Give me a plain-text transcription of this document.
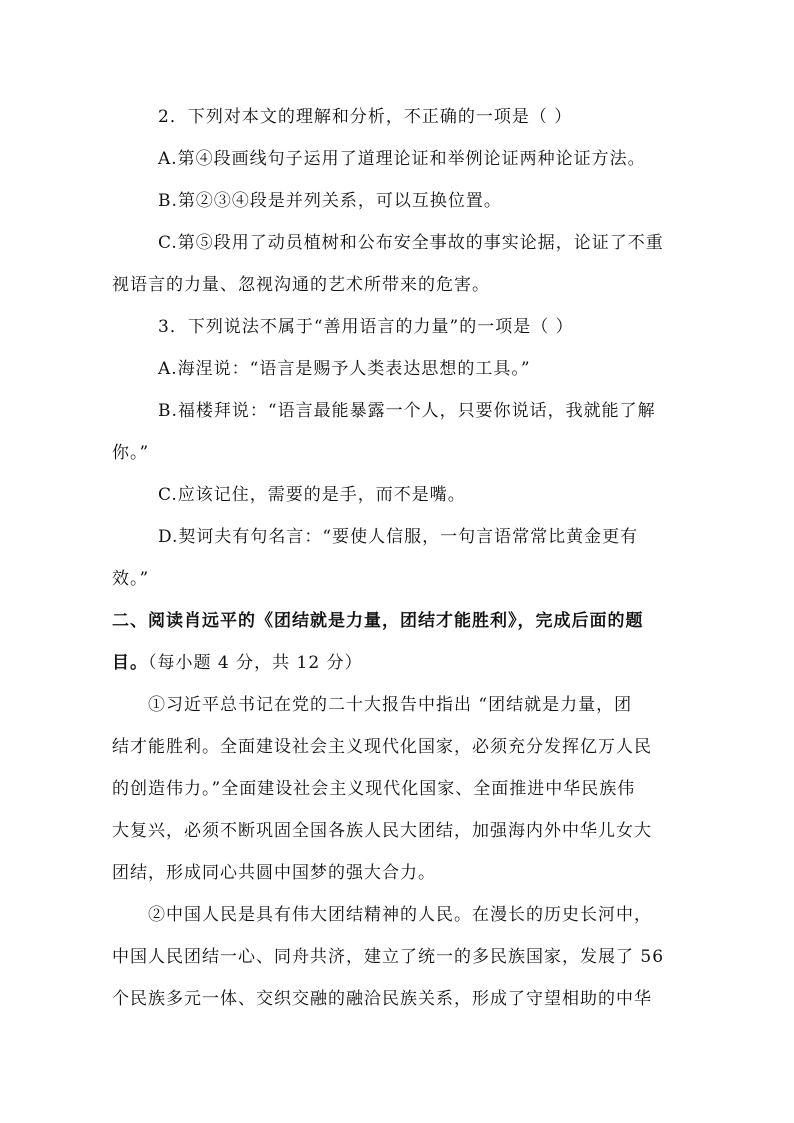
2．下列对本文的理解和分析，不正确的一项是（ ）
A.第④段画线句子运用了道理论证和举例论证两种论证方法。
B.第②③④段是并列关系，可以互换位置。
C.第⑤段用了动员植树和公布安全事故的事实论据，论证了不重
视语言的力量、忽视沟通的艺术所带来的危害。
3．下列说法不属于“善用语言的力量”的一项是（ ）
A.海涅说：“语言是赐予人类表达思想的工具。”
B.福楼拜说：“语言最能暴露一个人，只要你说话，我就能了解
你。”
C.应该记住，需要的是手，而不是嘴。
D.契诃夫有句名言：“要使人信服，一句言语常常比黄金更有
效。”
二、阅读肖远平的《团结就是力量，团结才能胜利》，完成后面的题
目。（每小题 4 分，共 12 分）
①习近平总书记在党的二十大报告中指出 “团结就是力量，团
结才能胜利。全面建设社会主义现代化国家，必须充分发挥亿万人民
的创造伟力。”全面建设社会主义现代化国家、全面推进中华民族伟
大复兴，必须不断巩固全国各族人民大团结，加强海内外中华儿女大
团结，形成同心共圆中国梦的强大合力。
②中国人民是具有伟大团结精神的人民。在漫长的历史长河中，
中国人民团结一心、同舟共济，建立了统一的多民族国家，发展了 56
个民族多元一体、交织交融的融洽民族关系，形成了守望相助的中华
